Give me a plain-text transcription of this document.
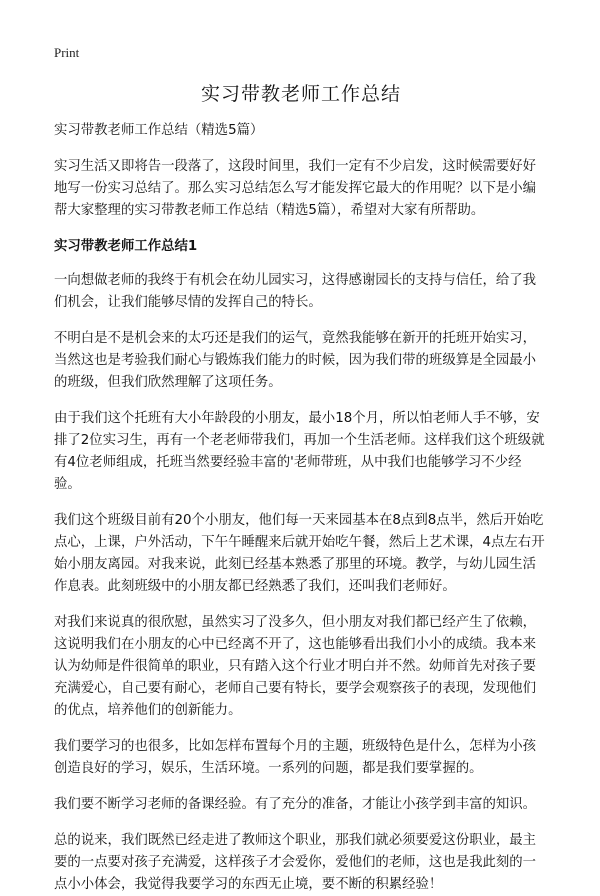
Print
实习带教老师工作总结

实习带教老师工作总结（精选5篇）

实习生活又即将告一段落了，这段时间里，我们一定有不少启发，这时候需要好好地写一份实习总结了。那么实习总结怎么写才能发挥它最大的作用呢？以下是小编帮大家整理的实习带教老师工作总结（精选5篇），希望对大家有所帮助。

实习带教老师工作总结1

一向想做老师的我终于有机会在幼儿园实习，这得感谢园长的支持与信任，给了我们机会，让我们能够尽情的发挥自己的特长。

不明白是不是机会来的太巧还是我们的运气，竟然我能够在新开的托班开始实习，当然这也是考验我们耐心与锻炼我们能力的时候，因为我们带的班级算是全园最小的班级，但我们欣然理解了这项任务。

由于我们这个托班有大小年龄段的小朋友，最小18个月，所以怕老师人手不够，安排了2位实习生，再有一个老老师带我们，再加一个生活老师。这样我们这个班级就有4位老师组成，托班当然要经验丰富的'老师带班，从中我们也能够学习不少经验。

我们这个班级目前有20个小朋友，他们每一天来园基本在8点到8点半，然后开始吃点心，上课，户外活动，下午午睡醒来后就开始吃午餐，然后上艺术课，4点左右开始小朋友离园。对我来说，此刻已经基本熟悉了那里的环境。教学，与幼儿园生活作息表。此刻班级中的小朋友都已经熟悉了我们，还叫我们老师好。

对我们来说真的很欣慰，虽然实习了没多久，但小朋友对我们都已经产生了依赖，这说明我们在小朋友的心中已经离不开了，这也能够看出我们小小的成绩。我本来认为幼师是件很简单的职业，只有踏入这个行业才明白并不然。幼师首先对孩子要充满爱心，自己要有耐心，老师自己要有特长，要学会观察孩子的表现，发现他们的优点，培养他们的创新能力。

我们要学习的也很多，比如怎样布置每个月的主题，班级特色是什么，怎样为小孩创造良好的学习，娱乐，生活环境。一系列的问题，都是我们要掌握的。

我们要不断学习老师的备课经验。有了充分的准备，才能让小孩学到丰富的知识。

总的说来，我们既然已经走进了教师这个职业，那我们就必须要爱这份职业，最主要的一点要对孩子充满爱，这样孩子才会爱你，爱他们的老师，这也是我此刻的一点小小体会，我觉得我要学习的东西无止境，要不断的积累经验！
